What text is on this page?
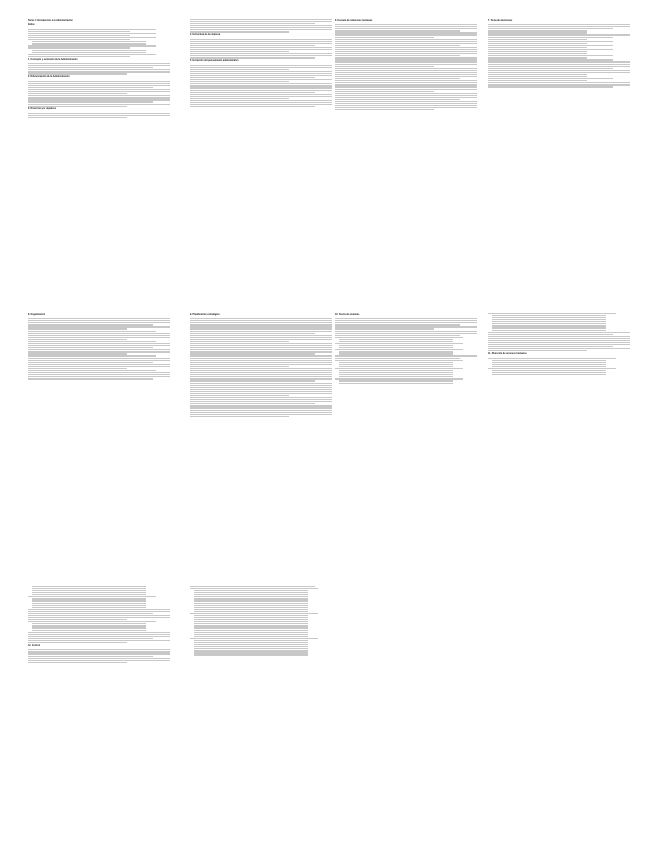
Tema 1: Introducción a la Administración
Índice
1. Concepto y evolución de la Administración
2. Diferenciación de la Administración
3. Dirección por objetivos
4. Estructura de la empresa
5. Evolución del pensamiento administrativo
6. Escuela de relaciones humanas	7. Toma de decisiones
8. Organización	9. Planificación estratégica	10. Teoría de sistemas
11. Dirección de recursos humanos
12. Control
